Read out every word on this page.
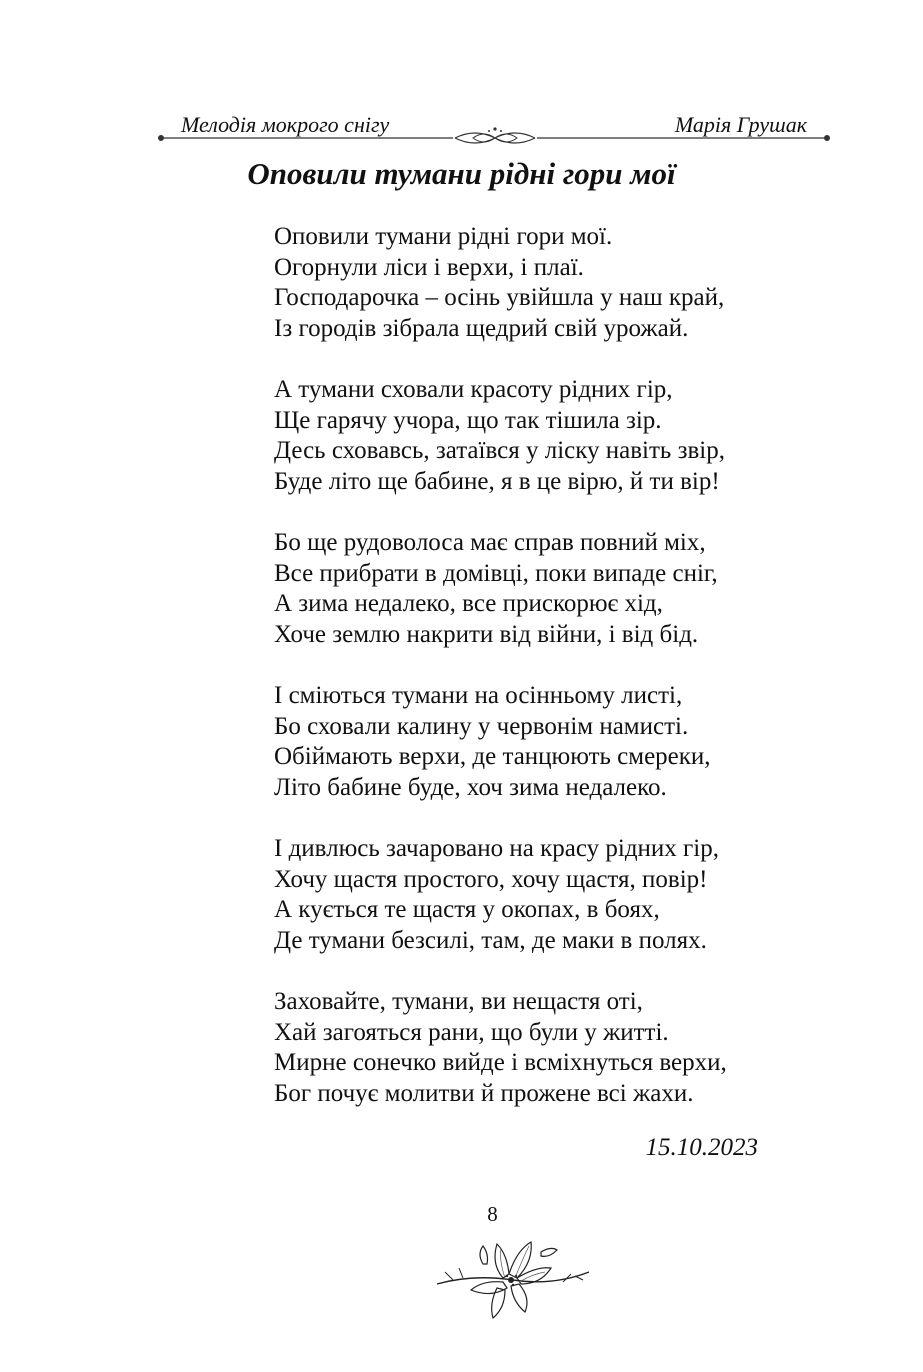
Мелодія мокрого снігу	Марія Грушак
Оповили тумани рідні гори мої
Оповили тумани рідні гори мої.
Огорнули ліси і верхи, і плаї.
Господарочка – осінь увійшла у наш край,
Із городів зібрала щедрий свій урожай.
А тумани сховали красоту рідних гір,
Ще гарячу учора, що так тішила зір.
Десь сховавсь, затаївся у ліску навіть звір,
Буде літо ще бабине, я в це вірю, й ти вір!
Бо ще рудоволоса має справ повний міх,
Все прибрати в домівці, поки випаде сніг,
А зима недалеко, все прискорює хід,
Хоче землю накрити від війни, і від бід.
І сміються тумани на осінньому листі,
Бо сховали калину у червонім намисті.
Обіймають верхи, де танцюють смереки,
Літо бабине буде, хоч зима недалеко.
І дивлюсь зачаровано на красу рідних гір,
Хочу щастя простого, хочу щастя, повір!
А кується те щастя у окопах, в боях,
Де тумани безсилі, там, де маки в полях.
Заховайте, тумани, ви нещастя оті,
Хай загояться рани, що були у житті.
Мирне сонечко вийде і всміхнуться верхи,
Бог почує молитви й прожене всі жахи.
15.10.2023
8
